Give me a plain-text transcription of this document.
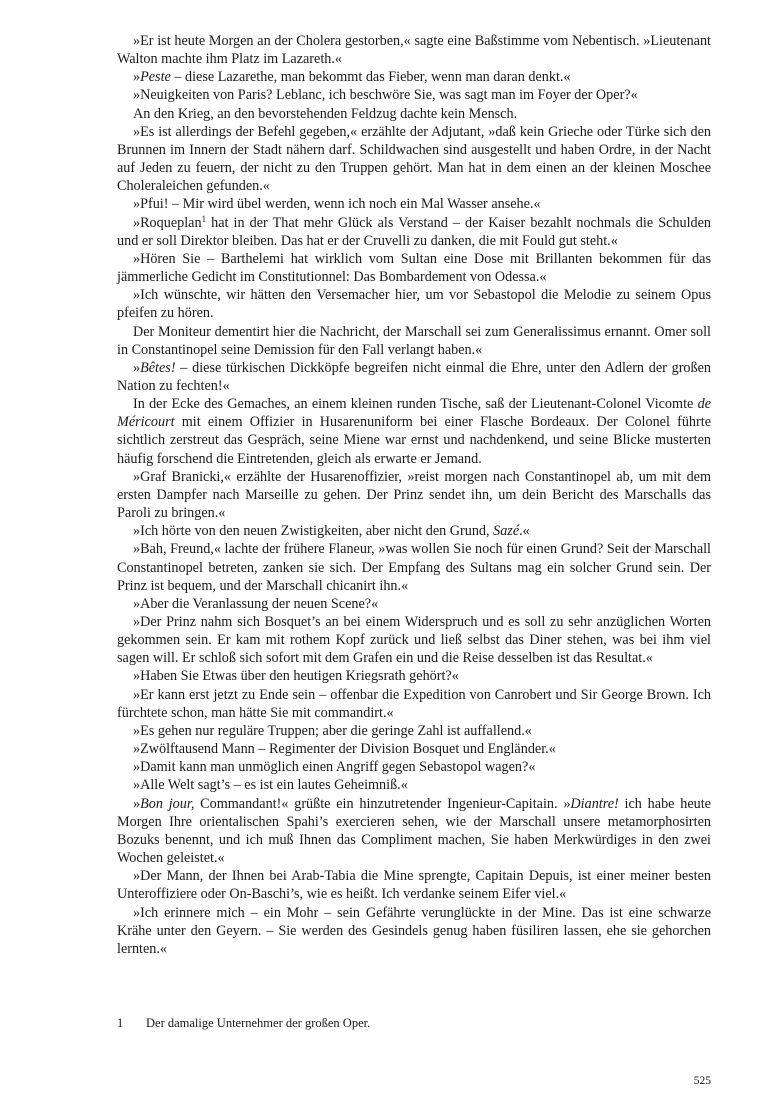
»Er ist heute Morgen an der Cholera gestorben,« sagte eine Baßstimme vom Nebentisch. »Lieutenant Walton machte ihm Platz im Lazareth.«

»Peste – diese Lazarethe, man bekommt das Fieber, wenn man daran denkt.«

»Neuigkeiten von Paris? Leblanc, ich beschwöre Sie, was sagt man im Foyer der Oper?«

An den Krieg, an den bevorstehenden Feldzug dachte kein Mensch.

»Es ist allerdings der Befehl gegeben,« erzählte der Adjutant, »daß kein Grieche oder Türke sich den Brunnen im Innern der Stadt nähern darf. Schildwachen sind ausgestellt und haben Ordre, in der Nacht auf Jeden zu feuern, der nicht zu den Truppen gehört. Man hat in dem einen an der kleinen Moschee Choleraleichen gefunden.«

»Pfui! – Mir wird übel werden, wenn ich noch ein Mal Wasser ansehe.«

»Roqueplan$^1$ hat in der That mehr Glück als Verstand – der Kaiser bezahlt nochmals die Schulden und er soll Direktor bleiben. Das hat er der Cruvelli zu danken, die mit Fould gut steht.«

»Hören Sie – Barthelemi hat wirklich vom Sultan eine Dose mit Brillanten bekommen für das jämmerliche Gedicht im Constitutionnel: Das Bombardement von Odessa.«

»Ich wünschte, wir hätten den Versemacher hier, um vor Sebastopol die Melodie zu seinem Opus pfeifen zu hören.

Der Moniteur dementirt hier die Nachricht, der Marschall sei zum Generalissimus ernannt. Omer soll in Constantinopel seine Demission für den Fall verlangt haben.«

»Bêtes! – diese türkischen Dickköpfe begreifen nicht einmal die Ehre, unter den Adlern der großen Nation zu fechten!«

In der Ecke des Gemaches, an einem kleinen runden Tische, saß der Lieutenant-Colonel Vicomte de Méricourt mit einem Offizier in Husarenuniform bei einer Flasche Bordeaux. Der Colonel führte sichtlich zerstreut das Gespräch, seine Miene war ernst und nachdenkend, und seine Blicke musterten häufig forschend die Eintretenden, gleich als erwarte er Jemand.

»Graf Branicki,« erzählte der Husarenoffizier, »reist morgen nach Constantinopel ab, um mit dem ersten Dampfer nach Marseille zu gehen. Der Prinz sendet ihn, um dein Bericht des Marschalls das Paroli zu bringen.«

»Ich hörte von den neuen Zwistigkeiten, aber nicht den Grund, Sazé.«

»Bah, Freund,« lachte der frühere Flaneur, »was wollen Sie noch für einen Grund? Seit der Marschall Constantinopel betreten, zanken sie sich. Der Empfang des Sultans mag ein solcher Grund sein. Der Prinz ist bequem, und der Marschall chicanirt ihn.«

»Aber die Veranlassung der neuen Scene?«

»Der Prinz nahm sich Bosquet’s an bei einem Widerspruch und es soll zu sehr anzüglichen Worten gekommen sein. Er kam mit rothem Kopf zurück und ließ selbst das Diner stehen, was bei ihm viel sagen will. Er schloß sich sofort mit dem Grafen ein und die Reise desselben ist das Resultat.«

»Haben Sie Etwas über den heutigen Kriegsrath gehört?«

»Er kann erst jetzt zu Ende sein – offenbar die Expedition von Canrobert und Sir George Brown. Ich fürchtete schon, man hätte Sie mit commandirt.«

»Es gehen nur reguläre Truppen; aber die geringe Zahl ist auffallend.«

»Zwölftausend Mann – Regimenter der Division Bosquet und Engländer.«

»Damit kann man unmöglich einen Angriff gegen Sebastopol wagen?«

»Alle Welt sagt’s – es ist ein lautes Geheimniß.«

»Bon jour, Commandant!« grüßte ein hinzutretender Ingenieur-Capitain. »Diantre! ich habe heute Morgen Ihre orientalischen Spahi’s exercieren sehen, wie der Marschall unsere metamorphosirten Bozuks benennt, und ich muß Ihnen das Compliment machen, Sie haben Merkwürdiges in den zwei Wochen geleistet.«

»Der Mann, der Ihnen bei Arab-Tabia die Mine sprengte, Capitain Depuis, ist einer meiner besten Unteroffiziere oder On-Baschi’s, wie es heißt. Ich verdanke seinem Eifer viel.«

»Ich erinnere mich – ein Mohr – sein Gefährte verunglückte in der Mine. Das ist eine schwarze Krähe unter den Geyern. – Sie werden des Gesindels genug haben füsiliren lassen, ehe sie gehorchen lernten.«

1 Der damalige Unternehmer der großen Oper.
525
